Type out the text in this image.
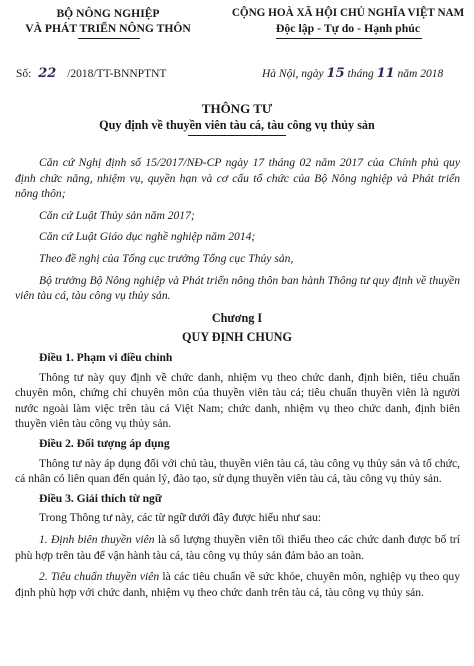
BỘ NÔNG NGHIỆP
VÀ PHÁT TRIỂN NÔNG THÔN
CỘNG HOÀ XÃ HỘI CHỦ NGHĨA VIỆT NAM
Độc lập - Tự do - Hạnh phúc
Số: 22 /2018/TT-BNNPTNT	Hà Nội, ngày 15 tháng 11 năm 2018
THÔNG TƯ
Quy định về thuyền viên tàu cá, tàu công vụ thủy sản

Căn cứ Nghị định số 15/2017/NĐ-CP ngày 17 tháng 02 năm 2017 của Chính phủ quy định chức năng, nhiệm vụ, quyền hạn và cơ cấu tổ chức của Bộ Nông nghiệp và Phát triển nông thôn;

Căn cứ Luật Thủy sản năm 2017;

Căn cứ Luật Giáo dục nghề nghiệp năm 2014;

Theo đề nghị của Tổng cục trưởng Tổng cục Thủy sản,

Bộ trưởng Bộ Nông nghiệp và Phát triển nông thôn ban hành Thông tư quy định về thuyền viên tàu cá, tàu công vụ thủy sản.

Chương I
QUY ĐỊNH CHUNG

Điều 1. Phạm vi điều chỉnh

Thông tư này quy định về chức danh, nhiệm vụ theo chức danh, định biên, tiêu chuẩn chuyên môn, chứng chỉ chuyên môn của thuyền viên tàu cá; tiêu chuẩn thuyền viên là người nước ngoài làm việc trên tàu cá Việt Nam; chức danh, nhiệm vụ theo chức danh, định biên thuyền viên tàu công vụ thủy sản.

Điều 2. Đối tượng áp dụng

Thông tư này áp dụng đối với chủ tàu, thuyền viên tàu cá, tàu công vụ thủy sản và tổ chức, cá nhân có liên quan đến quản lý, đào tạo, sử dụng thuyền viên tàu cá, tàu công vụ thủy sản.

Điều 3. Giải thích từ ngữ

Trong Thông tư này, các từ ngữ dưới đây được hiểu như sau:

1. Định biên thuyền viên là số lượng thuyền viên tối thiểu theo các chức danh được bố trí phù hợp trên tàu để vận hành tàu cá, tàu công vụ thủy sản đảm bảo an toàn.

2. Tiêu chuẩn thuyền viên là các tiêu chuẩn về sức khỏe, chuyên môn, nghiệp vụ theo quy định phù hợp với chức danh, nhiệm vụ theo chức danh trên tàu cá, tàu công vụ thủy sản.
